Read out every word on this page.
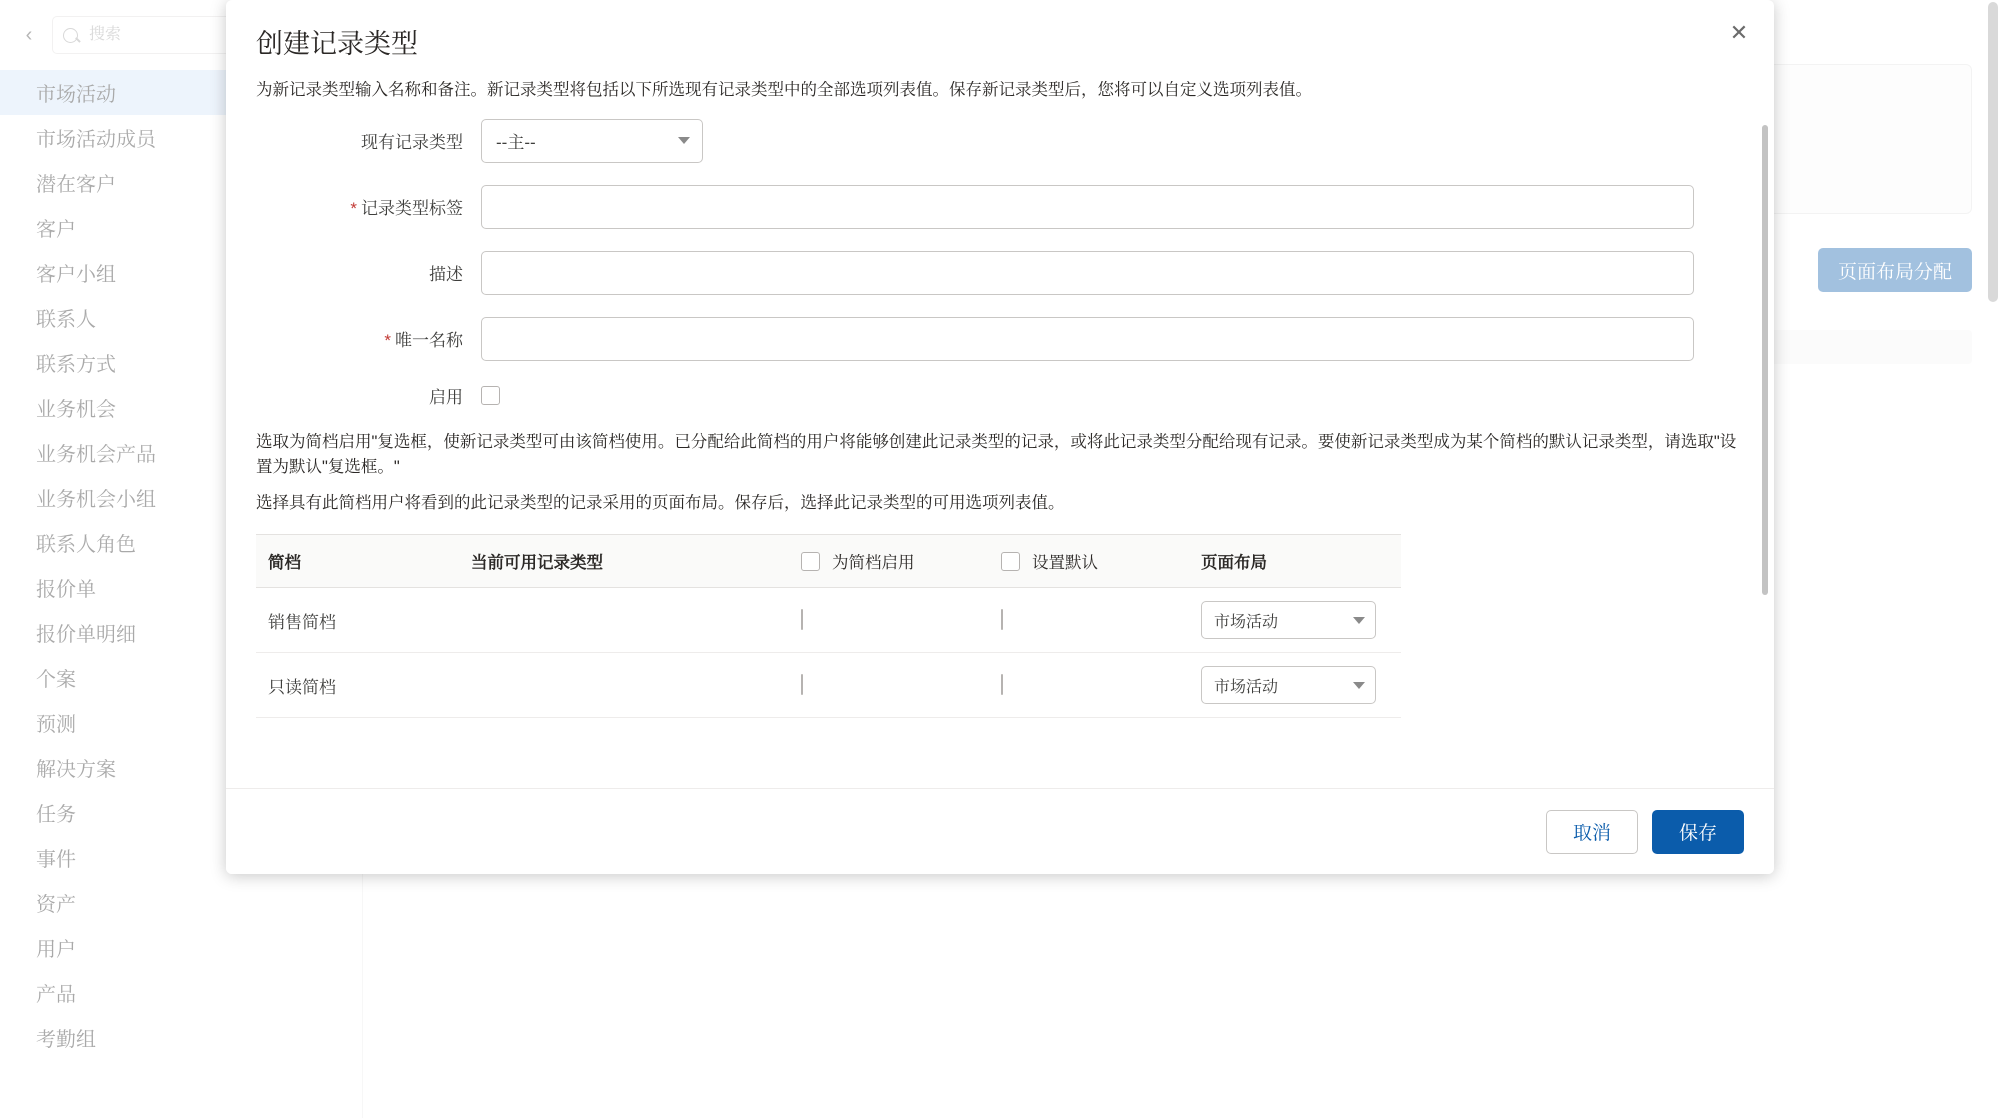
搜索
✕
创建记录类型

为新记录类型输入名称和备注。新记录类型将包括以下所选现有记录类型中的全部选项列表值。保存新记录类型后，您将可以自定义选项列表值。

现有记录类型	--主--
* 记录类型标签
描述
* 唯一名称
启用

选取为简档启用"复选框，使新记录类型可由该简档使用。已分配给此简档的用户将能够创建此记录类型的记录，或将此记录类型分配给现有记录。要使新记录类型成为某个简档的默认记录类型，请选取"设置为默认"复选框。"

选择具有此简档用户将看到的此记录类型的记录采用的页面布局。保存后，选择此记录类型的可用选项列表值。

简档	当前可用记录类型	为简档启用	设置默认	页面布局
销售简档				市场活动

只读简档				市场活动
取消	保存
